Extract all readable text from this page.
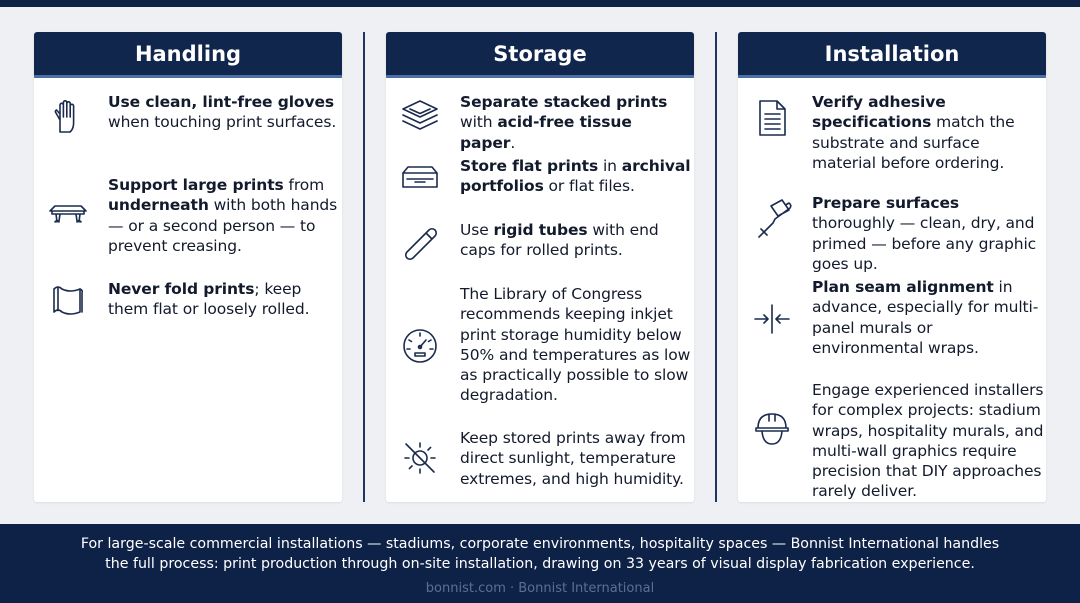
Handling
Use clean, lint-free gloves when touching print surfaces.
Support large prints from underneath with both hands — or a second person — to prevent creasing.
Never fold prints; keep them flat or loosely rolled.
Storage
Separate stacked prints with acid-free tissue paper.
Store flat prints in archival portfolios or flat files.
Use rigid tubes with end caps for rolled prints.
The Library of Congress recommends keeping inkjet print storage humidity below 50% and temperatures as low as practically possible to slow degradation.
Keep stored prints away from direct sunlight, temperature extremes, and high humidity.
Installation
Verify adhesive specifications match the substrate and surface material before ordering.
Prepare surfaces thoroughly — clean, dry, and primed — before any graphic goes up.
Plan seam alignment in advance, especially for multi-panel murals or environmental wraps.
Engage experienced installers for complex projects: stadium wraps, hospitality murals, and multi-wall graphics require precision that DIY approaches rarely deliver.
For large-scale commercial installations — stadiums, corporate environments, hospitality spaces — Bonnist International handles
the full process: print production through on-site installation, drawing on 33 years of visual display fabrication experience.
bonnist.com · Bonnist International
